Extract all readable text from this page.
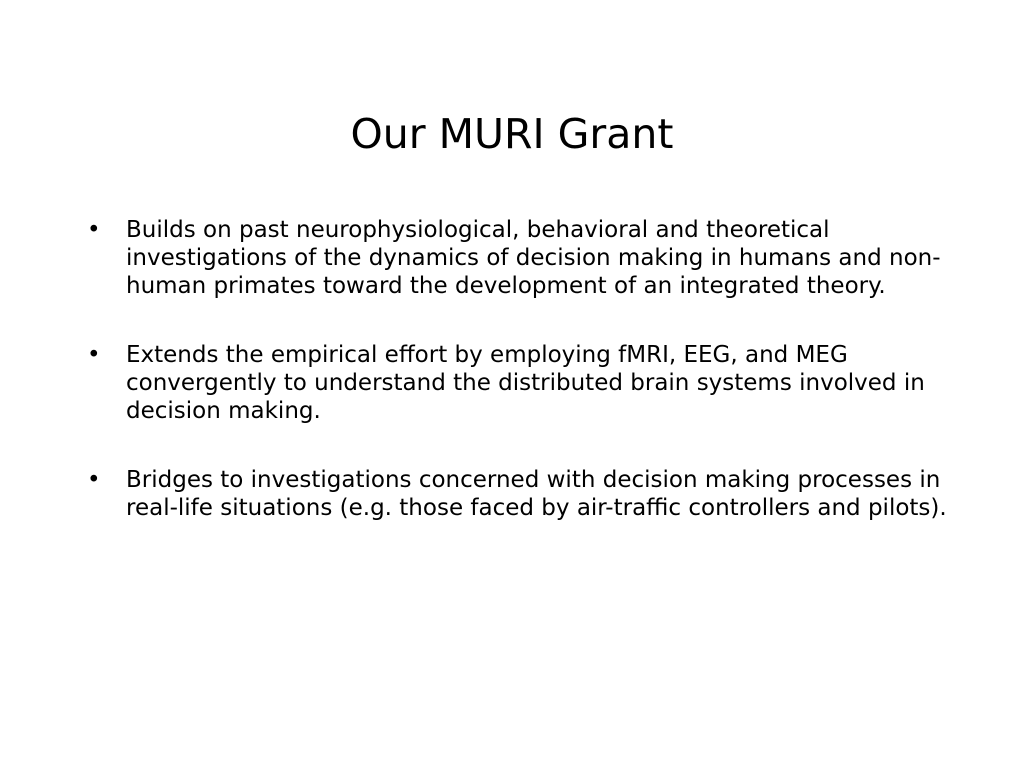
Our MURI Grant
• Builds on past neurophysiological, behavioral and theoretical investigations of the dynamics of decision making in humans and non-human primates toward the development of an integrated theory.
• Extends the empirical effort by employing fMRI, EEG, and MEG convergently to understand the distributed brain systems involved in decision making.
• Bridges to investigations concerned with decision making processes in real-life situations (e.g. those faced by air-traffic controllers and pilots).
